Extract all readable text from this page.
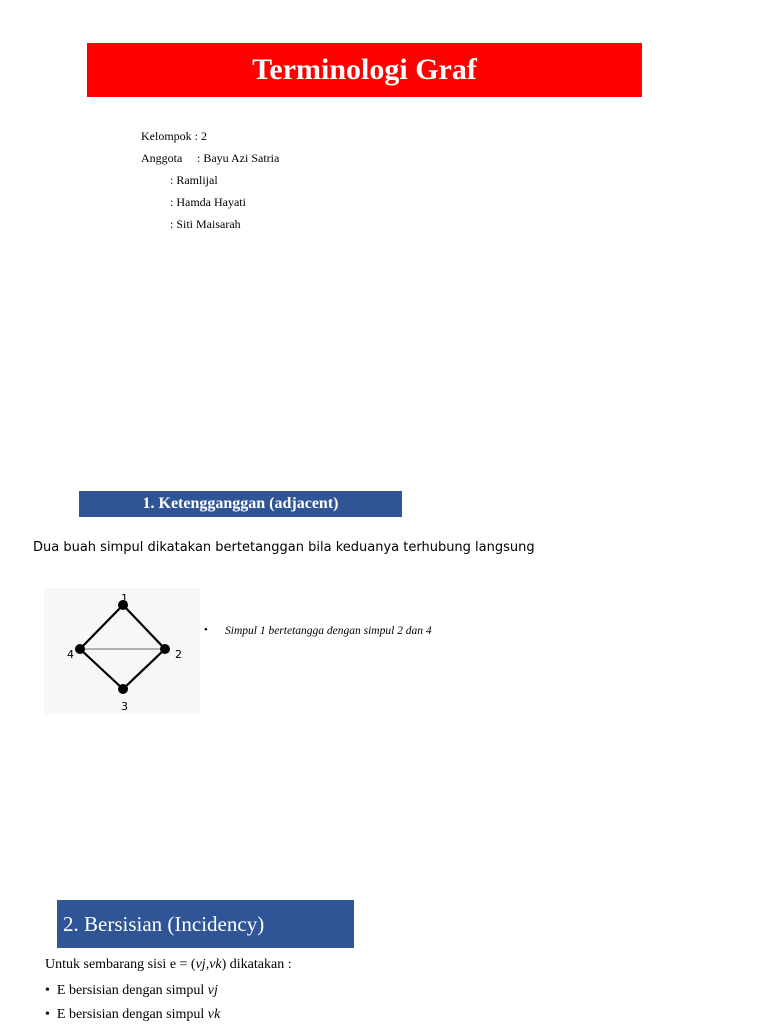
Terminologi Graf
Kelompok : 2
Anggota : Bayu Azi Satria
: Ramlijal
: Hamda Hayati
: Siti Maisarah
1. Ketengganggan (adjacent)
Dua buah simpul dikatakan bertetanggan bila keduanya terhubung langsung
1
2
3
4
• Simpul 1 bertetangga dengan simpul 2 dan 4
2. Bersisian (Incidency)
Untuk sembarang sisi e = (vj,vk) dikatakan :
• E bersisian dengan simpul vj
• E bersisian dengan simpul vk
